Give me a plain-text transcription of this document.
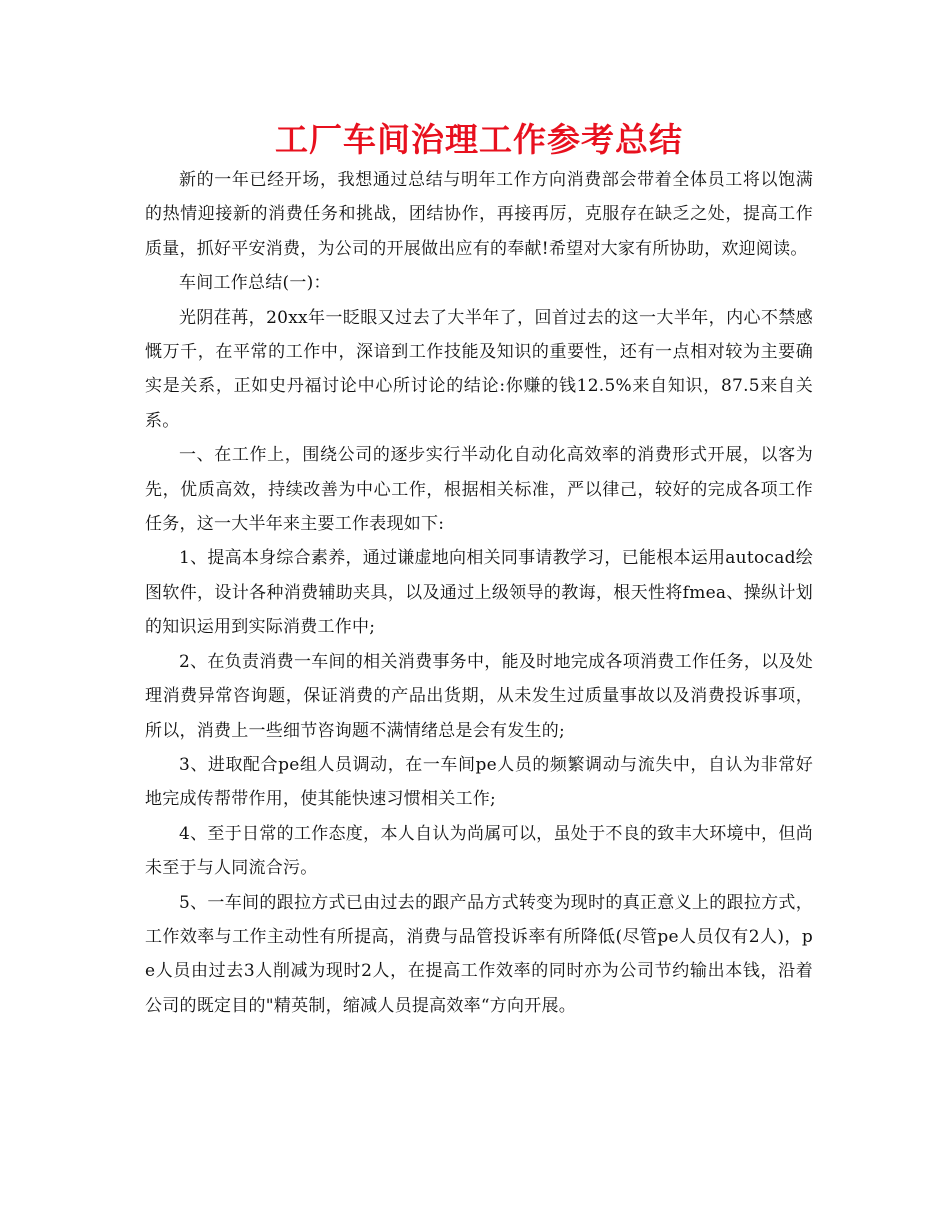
工厂车间治理工作参考总结

新的一年已经开场，我想通过总结与明年工作方向消费部会带着全体员工将以饱满的热情迎接新的消费任务和挑战，团结协作，再接再厉，克服存在缺乏之处，提高工作质量，抓好平安消费，为公司的开展做出应有的奉献!希望对大家有所协助，欢迎阅读。

车间工作总结(一)：

光阴荏苒，20xx年一眨眼又过去了大半年了，回首过去的这一大半年，内心不禁感慨万千，在平常的工作中，深谙到工作技能及知识的重要性，还有一点相对较为主要确实是关系，正如史丹福讨论中心所讨论的结论:你赚的钱12.5%来自知识，87.5来自关系。

一、在工作上，围绕公司的逐步实行半动化自动化高效率的消费形式开展，以客为先，优质高效，持续改善为中心工作，根据相关标准，严以律己，较好的完成各项工作任务，这一大半年来主要工作表现如下:

1、提高本身综合素养，通过谦虚地向相关同事请教学习，已能根本运用autocad绘图软件，设计各种消费辅助夹具，以及通过上级领导的教诲，根天性将fmea、操纵计划的知识运用到实际消费工作中;

2、在负责消费一车间的相关消费事务中，能及时地完成各项消费工作任务，以及处理消费异常咨询题，保证消费的产品出货期，从未发生过质量事故以及消费投诉事项，所以，消费上一些细节咨询题不满情绪总是会有发生的;

3、进取配合pe组人员调动，在一车间pe人员的频繁调动与流失中，自认为非常好地完成传帮带作用，使其能快速习惯相关工作;

4、至于日常的工作态度，本人自认为尚属可以，虽处于不良的致丰大环境中，但尚未至于与人同流合污。

5、一车间的跟拉方式已由过去的跟产品方式转变为现时的真正意义上的跟拉方式，工作效率与工作主动性有所提高，消费与品管投诉率有所降低(尽管pe人员仅有2人)，pe人员由过去3人削减为现时2人，在提高工作效率的同时亦为公司节约输出本钱，沿着公司的既定目的"精英制，缩减人员提高效率“方向开展。
